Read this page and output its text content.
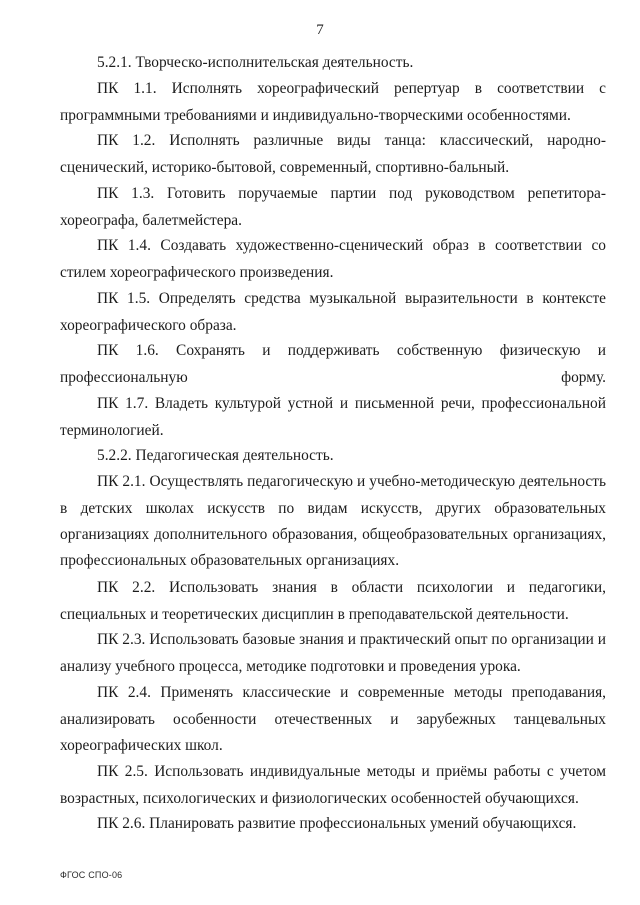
7

5.2.1. Творческо-исполнительская деятельность.

ПК 1.1. Исполнять хореографический репертуар в соответствии с программными требованиями и индивидуально-творческими особенностями.

ПК 1.2. Исполнять различные виды танца: классический, народно-сценический, историко-бытовой, современный, спортивно-бальный.

ПК 1.3. Готовить поручаемые партии под руководством репетитора-хореографа, балетмейстера.

ПК 1.4. Создавать художественно-сценический образ в соответствии со стилем хореографического произведения.

ПК 1.5. Определять средства музыкальной выразительности в контексте хореографического образа.

ПК 1.6. Сохранять и поддерживать собственную физическую и профессиональную форму.

ПК 1.7. Владеть культурой устной и письменной речи, профессиональной терминологией.

5.2.2. Педагогическая деятельность.

ПК 2.1. Осуществлять педагогическую и учебно-методическую деятельность в детских школах искусств по видам искусств, других образовательных организациях дополнительного образования, общеобразовательных организациях, профессиональных образовательных организациях.

ПК 2.2. Использовать знания в области психологии и педагогики, специальных и теоретических дисциплин в преподавательской деятельности.

ПК 2.3. Использовать базовые знания и практический опыт по организации и анализу учебного процесса, методике подготовки и проведения урока.

ПК 2.4. Применять классические и современные методы преподавания, анализировать особенности отечественных и зарубежных танцевальных хореографических школ.

ПК 2.5. Использовать индивидуальные методы и приёмы работы с учетом возрастных, психологических и физиологических особенностей обучающихся.

ПК 2.6. Планировать развитие профессиональных умений обучающихся.

ФГОС СПО-06
